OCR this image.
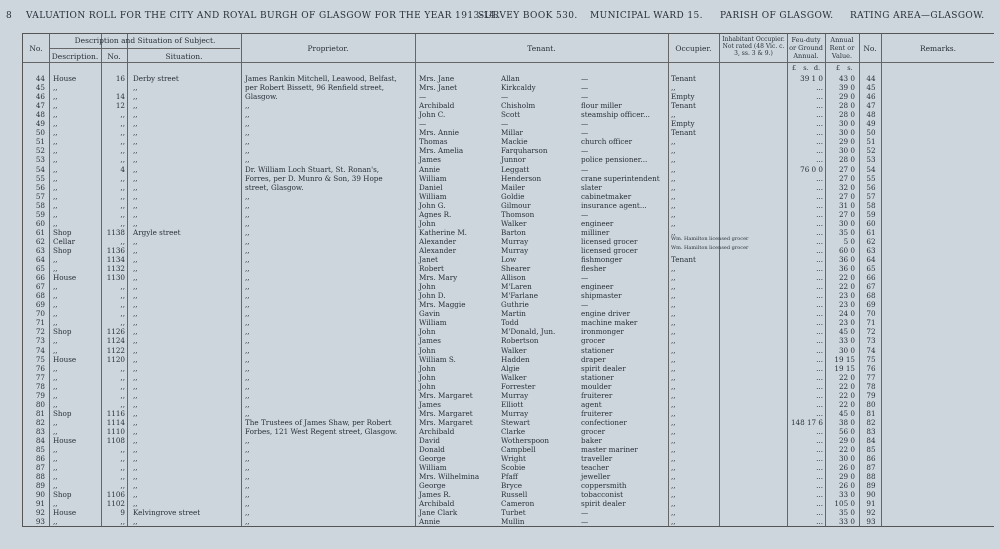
8	VALUATION ROLL FOR THE CITY AND ROYAL BURGH OF GLASGOW FOR THE YEAR 1913-14.
SURVEY BOOK 530.	MUNICIPAL WARD 15.	PARISH OF GLASGOW.	RATING AREA—GLASGOW.
No.
Description and Situation of Subject.
Description.	No.	Situation.
Proprietor.	Tenant.	Occupier.
Inhabitant Occupier. Not rated (48 Vic. c. 3, ss. 3 & 9.)
Feu-duty or Ground Annual.
Annual Rent or Value.
No.	Remarks.
£	s. d.	£	s.
44 House	16 Derby street	James Rankin Mitchell, Leawood, Belfast,	Mrs. Jane	Allan	—	Tenant	39 1 0	43 0	44
45 ,,	,,	per Robert Bissett, 96 Renfield street,	Mrs. Janet	Kirkcaldy	—	,,	...	39 0	45
46 ,,	14 ,,	Glasgow.	—	—	—	Empty	...	29 0	46
47 ,,	12 ,,	,,	Archibald	Chisholm	flour miller	Tenant	...	28 0	47
48 ,,	,, ,,	,,	John C.	Scott	steamship officer...	,,	...	28 0	48
49 ,,	,, ,,	,,	—	—	—	Empty	...	30 0	49
50 ,,	,, ,,	,,	Mrs. Annie	Millar	—	Tenant	...	30 0	50
51 ,,	,, ,,	,,	Thomas	Mackie	church officer	,,	...	29 0	51
52 ,,	,, ,,	,,	Mrs. Amelia	Farquharson	—	,,	...	30 0	52
53 ,,	,, ,,	,,	James	Junnor	police pensioner...	,,	...	28 0	53
54 ,,	4 ,,	Dr. William Loch Stuart, St. Ronan's,	Annie	Leggatt	—	,,	76 0 0	27 0	54
55 ,,	,, ,,	Forres, per D. Munro & Son, 39 Hope	William	Henderson	crane superintendent	,,	...	27 0	55
56 ,,	,, ,,	street, Glasgow.	Daniel	Mailer	slater	,,	...	32 0	56
57 ,,	,, ,,	,,	William	Goldie	cabinetmaker	,,	...	27 0	57
58 ,,	,, ,,	,,	John G.	Gilmour	insurance agent...	,,	...	31 0	58
59 ,,	,, ,,	,,	Agnes R.	Thomson	—	,,	...	27 0	59
60 ,,	,, ,,	,,	John	Walker	engineer	,,	...	30 0	60
61 Shop	1138 Argyle street	,,	Katherine M.	Barton	milliner	,,	...	35 0	61
62 Cellar	,, ,,	,,	Alexander	Murray	licensed grocer	Wm. Hamilton licensed grocer	...	5 0	62
63 Shop	1136 ,,	,,	Alexander	Murray	licensed grocer	Wm. Hamilton licensed grocer	...	60 0	63
64 ,,	1134 ,,	,,	Janet	Low	fishmonger	Tenant	...	36 0	64
65 ,,	1132 ,,	,,	Robert	Shearer	flesher	,,	...	36 0	65
66 House	1130 ,,	,,	Mrs. Mary	Allison	—	,,	...	22 0	66
67 ,,	,, ,,	,,	John	M'Laren	engineer	,,	...	22 0	67
68 ,,	,, ,,	,,	John D.	M'Farlane	shipmaster	,,	...	23 0	68
69 ,,	,, ,,	,,	Mrs. Maggie	Guthrie	—	,,	...	23 0	69
70 ,,	,, ,,	,,	Gavin	Martin	engine driver	,,	...	24 0	70
71 ,,	,, ,,	,,	William	Todd	machine maker	,,	...	23 0	71
72 Shop	1126 ,,	,,	John	M'Donald, Jun.	ironmonger	,,	...	45 0	72
73 ,,	1124 ,,	,,	James	Robertson	grocer	,,	...	33 0	73
74 ,,	1122 ,,	,,	John	Walker	stationer	,,	...	30 0	74
75 House	1120 ,,	,,	William S.	Hadden	draper	,,	...	19 15	75
76 ,,	,, ,,	,,	John	Algie	spirit dealer	,,	...	19 15	76
77 ,,	,, ,,	,,	John	Walker	stationer	,,	...	22 0	77
78 ,,	,, ,,	,,	John	Forrester	moulder	,,	...	22 0	78
79 ,,	,, ,,	,,	Mrs. Margaret	Murray	fruiterer	,,	...	22 0	79
80 ,,	,, ,,	,,	James	Elliott	agent	,,	...	22 0	80
81 Shop	1116 ,,	,,	Mrs. Margaret	Murray	fruiterer	,,	...	45 0	81
82 ,,	1114 ,,	The Trustees of James Shaw, per Robert	Mrs. Margaret	Stewart	confectioner	,,	148 17 6	38 0	82
83 ,,	1110 ,,	Forbes, 121 West Regent street, Glasgow.	Archibald	Clarke	grocer	,,	...	56 0	83
84 House	1108 ,,	,,	David	Wotherspoon	baker	,,	...	29 0	84
85 ,,	,, ,,	,,	Donald	Campbell	master mariner	,,	...	22 0	85
86 ,,	,, ,,	,,	George	Wright	traveller	,,	...	30 0	86
87 ,,	,, ,,	,,	William	Scobie	teacher	,,	...	26 0	87
88 ,,	,, ,,	,,	Mrs. Wilhelmina	Pfaff	jeweller	,,	...	29 0	88
89 ,,	,, ,,	,,	George	Bryce	coppersmith	,,	...	26 0	89
90 Shop	1106 ,,	,,	James R.	Russell	tobacconist	,,	...	33 0	90
91 ,,	1102 ,,	,,	Archibald	Cameron	spirit dealer	,,	...	105 0	91
92 House	9 Kelvingrove street	,,	Jane Clark	Turbet	—	,,	...	35 0	92
93 ,,	,, ,,	,,	Annie	Mullin	—	,,	...	33 0	93
